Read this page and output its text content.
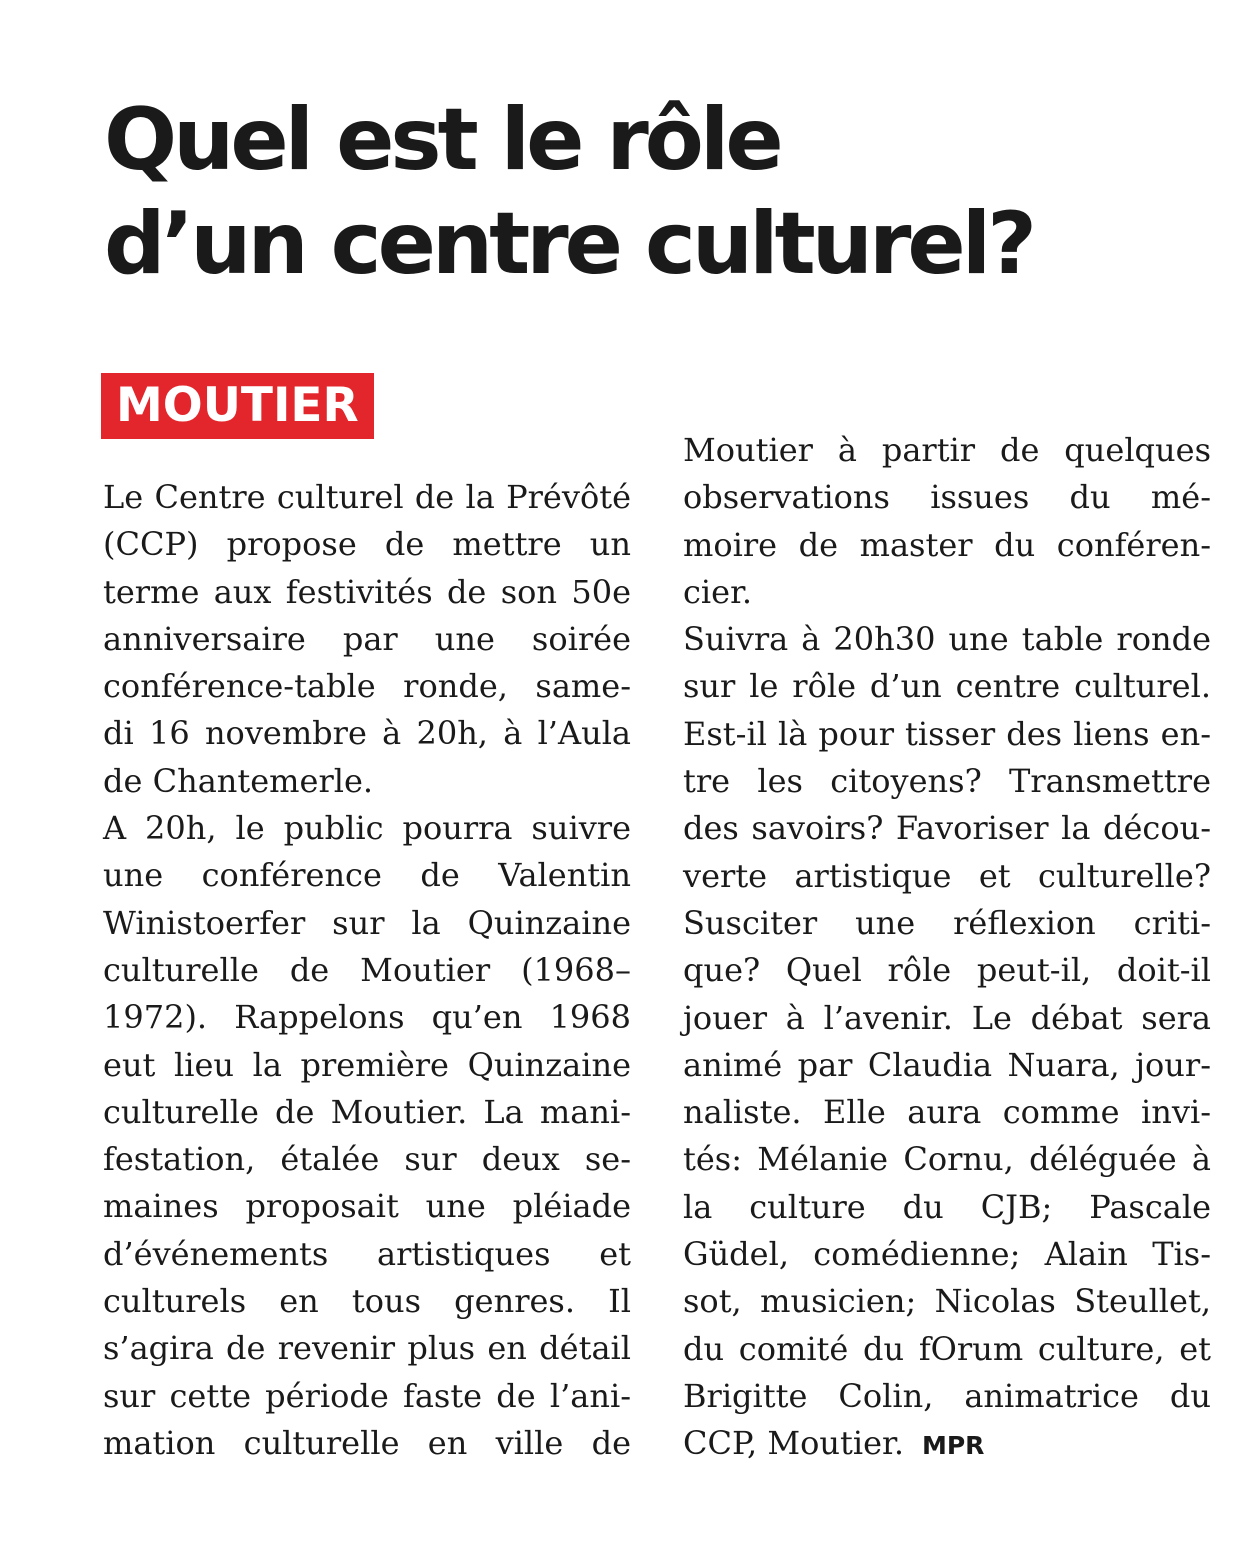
Quel est le rôle
d’un centre culturel?
MOUTIER
Le Centre culturel de la Prévôté
(CCP) propose de mettre un
terme aux festivités de son 50e
anniversaire par une soirée
conférence-table ronde, same-
di 16 novembre à 20h, à l’Aula
de Chantemerle.
A 20h, le public pourra suivre
une conférence de Valentin
Winistoerfer sur la Quinzaine
culturelle de Moutier (1968–
1972). Rappelons qu’en 1968
eut lieu la première Quinzaine
culturelle de Moutier. La mani-
festation, étalée sur deux se-
maines proposait une pléiade
d’événements artistiques et
culturels en tous genres. Il
s’agira de revenir plus en détail
sur cette période faste de l’ani-
mation culturelle en ville de
Moutier à partir de quelques
observations issues du mé-
moire de master du conféren-
cier.
Suivra à 20h30 une table ronde
sur le rôle d’un centre culturel.
Est-il là pour tisser des liens en-
tre les citoyens? Transmettre
des savoirs? Favoriser la décou-
verte artistique et culturelle?
Susciter une réflexion criti-
que? Quel rôle peut-il, doit-il
jouer à l’avenir. Le débat sera
animé par Claudia Nuara, jour-
naliste. Elle aura comme invi-
tés: Mélanie Cornu, déléguée à
la culture du CJB; Pascale
Güdel, comédienne; Alain Tis-
sot, musicien; Nicolas Steullet,
du comité du fOrum culture, et
Brigitte Colin, animatrice du
CCP, Moutier. MPR
